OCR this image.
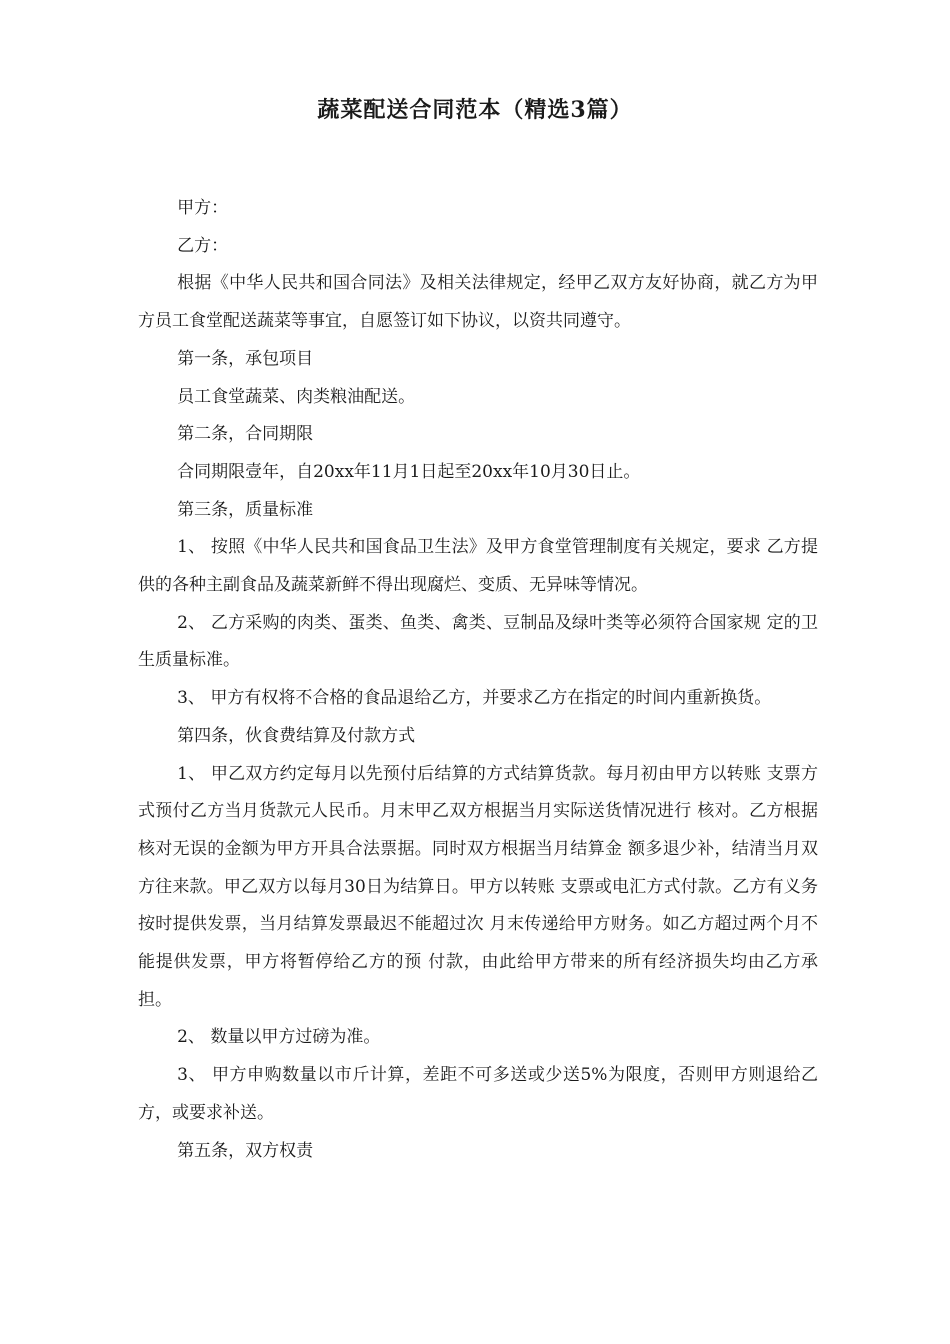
蔬菜配送合同范本（精选3篇）

甲方：

乙方：

根据《中华人民共和国合同法》及相关法律规定，经甲乙双方友好协商，就乙方为甲方员工食堂配送蔬菜等事宜，自愿签订如下协议，以资共同遵守。

第一条，承包项目

员工食堂蔬菜、肉类粮油配送。

第二条，合同期限

合同期限壹年，自20xx年11月1日起至20xx年10月30日止。

第三条，质量标准

1、 按照《中华人民共和国食品卫生法》及甲方食堂管理制度有关规定，要求 乙方提供的各种主副食品及蔬菜新鲜不得出现腐烂、变质、无异味等情况。

2、 乙方采购的肉类、蛋类、鱼类、禽类、豆制品及绿叶类等必须符合国家规 定的卫生质量标准。

3、 甲方有权将不合格的食品退给乙方，并要求乙方在指定的时间内重新换货。

第四条，伙食费结算及付款方式

1、 甲乙双方约定每月以先预付后结算的方式结算货款。每月初由甲方以转账 支票方式预付乙方当月货款元人民币。月末甲乙双方根据当月实际送货情况进行 核对。乙方根据核对无误的金额为甲方开具合法票据。同时双方根据当月结算金 额多退少补，结清当月双方往来款。甲乙双方以每月30日为结算日。甲方以转账 支票或电汇方式付款。乙方有义务按时提供发票，当月结算发票最迟不能超过次 月末传递给甲方财务。如乙方超过两个月不能提供发票，甲方将暂停给乙方的预 付款，由此给甲方带来的所有经济损失均由乙方承担。

2、 数量以甲方过磅为准。

3、 甲方申购数量以市斤计算，差距不可多送或少送5%为限度，否则甲方则退给乙方，或要求补送。

第五条，双方权责
